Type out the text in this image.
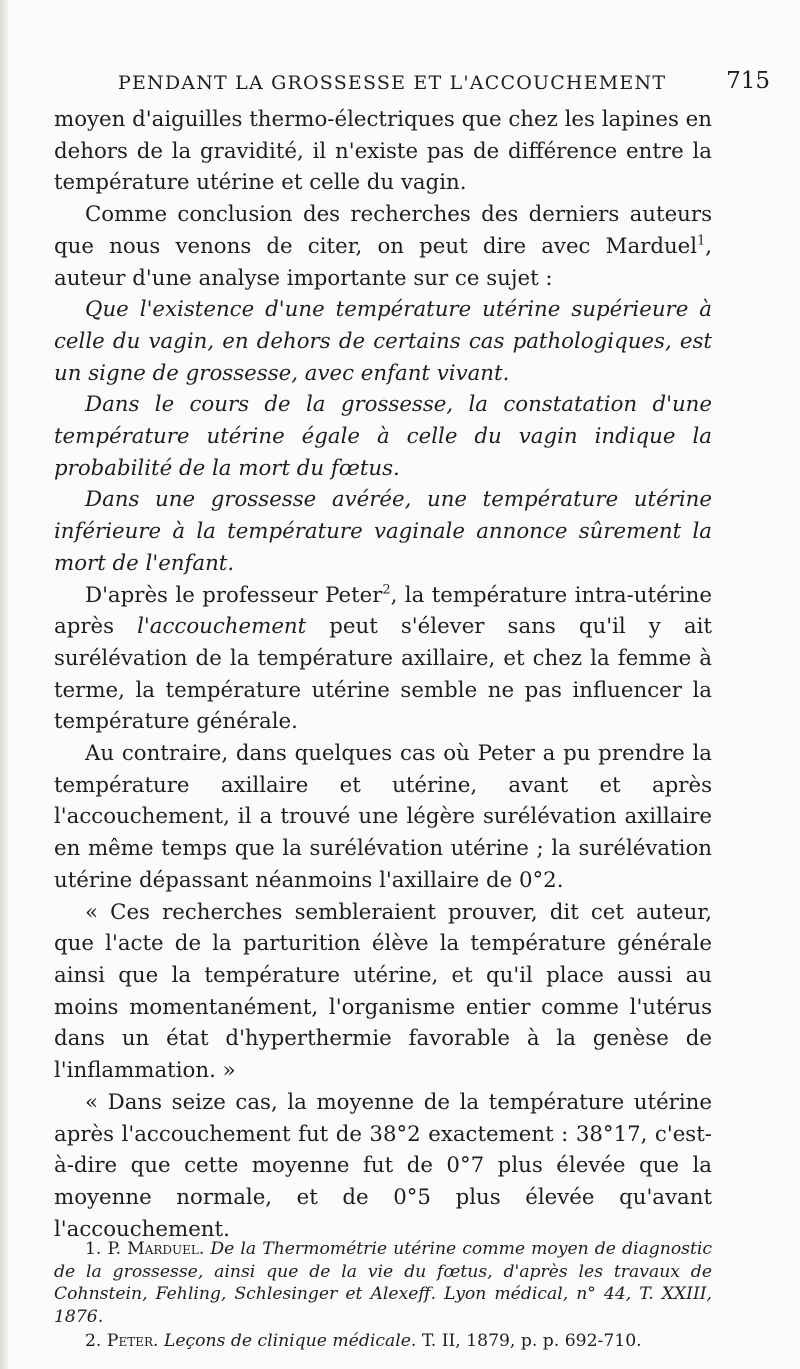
PENDANT LA GROSSESSE ET L'ACCOUCHEMENT	715

moyen d'aiguilles thermo-électriques que chez les lapines en dehors de la gravidité, il n'existe pas de différence entre la température utérine et celle du vagin.

Comme conclusion des recherches des derniers auteurs que nous venons de citer, on peut dire avec Marduel$^1$, auteur d'une analyse importante sur ce sujet :

Que l'existence d'une température utérine supérieure à celle du vagin, en dehors de certains cas pathologiques, est un signe de grossesse, avec enfant vivant.

Dans le cours de la grossesse, la constatation d'une température utérine égale à celle du vagin indique la probabilité de la mort du fœtus.

Dans une grossesse avérée, une température utérine inférieure à la température vaginale annonce sûrement la mort de l'enfant.

D'après le professeur Peter$^2$, la température intra-utérine après l'accouchement peut s'élever sans qu'il y ait surélévation de la température axillaire, et chez la femme à terme, la température utérine semble ne pas influencer la température générale.

Au contraire, dans quelques cas où Peter a pu prendre la température axillaire et utérine, avant et après l'accouchement, il a trouvé une légère surélévation axillaire en même temps que la surélévation utérine ; la surélévation utérine dépassant néanmoins l'axillaire de 0°2.

« Ces recherches sembleraient prouver, dit cet auteur, que l'acte de la parturition élève la température générale ainsi que la température utérine, et qu'il place aussi au moins momentanément, l'organisme entier comme l'utérus dans un état d'hyperthermie favorable à la genèse de l'inflammation. »

« Dans seize cas, la moyenne de la température utérine après l'accouchement fut de 38°2 exactement : 38°17, c'est-à-dire que cette moyenne fut de 0°7 plus élevée que la moyenne normale, et de 0°5 plus élevée qu'avant l'accouchement.

1. P. Marduel. De la Thermométrie utérine comme moyen de diagnostic de la grossesse, ainsi que de la vie du fœtus, d'après les travaux de Cohnstein, Fehling, Schlesinger et Alexeff. Lyon médical, n° 44, T. XXIII, 1876.

2. Peter. Leçons de clinique médicale. T. II, 1879, p. p. 692-710.
